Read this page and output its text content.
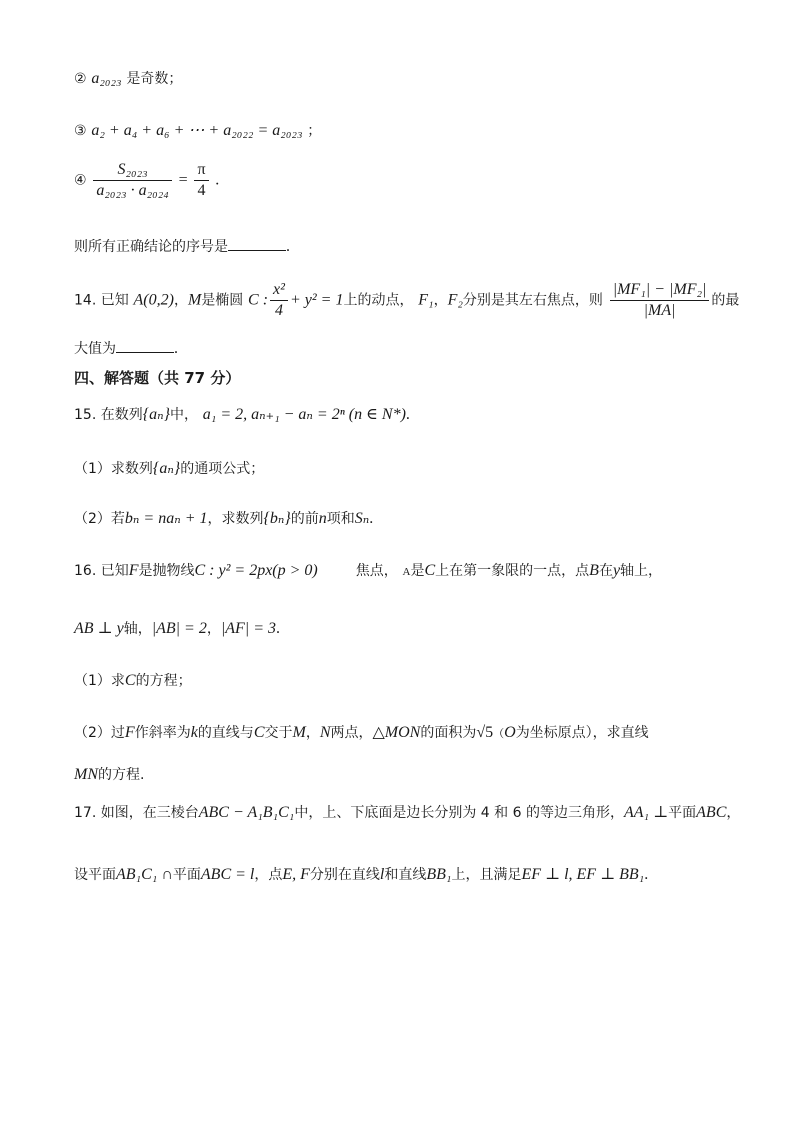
② a₂₀₂₃ 是奇数；
③ a₂ + a₄ + a₆ + ⋯ + a₂₀₂₂ = a₂₀₂₃ ；
④ $\frac{\text{S₂₀₂₃}}{\text{a₂₀₂₃ · a₂₀₂₄}} = \frac{\pi}{4}$ .
则所有正确结论的序号是	.
14. 已知 A(0,2)，M是椭圆 C : $\frac{\text{x²}}{4} + y^2 = 1$上的动点， F₁，F₂分别是其左右焦点，则 $\frac{\text{|MF₁| − |MF₂|}}{|MA|}$ 的最
大值为	.
四、解答题（共 77 分）
15. 在数列{aₙ}中， a₁ = 2, aₙ₊₁ − aₙ = 2ⁿ (n ∈ N*).
（1）求数列{aₙ}的通项公式；
（2）若bₙ = naₙ + 1，求数列{bₙ}的前n项和Sₙ.
16. 已知F是抛物线C : y² = 2px(p > 0)	焦点， A是C上在第一象限的一点，点B在y轴上，
AB ⊥ y轴，|AB| = 2，|AF| = 3.
（1）求C的方程；
（2）过F作斜率为k的直线与C交于M，N两点，△MON的面积为√5（O为坐标原点），求直线
MN的方程.
17. 如图，在三棱台ABC − A₁B₁C₁中，上、下底面是边长分别为 4 和 6 的等边三角形，AA₁ ⊥平面ABC，
设平面AB₁C₁ ∩平面ABC = l，点E, F分别在直线l和直线BB₁上，且满足EF ⊥ l, EF ⊥ BB₁.
